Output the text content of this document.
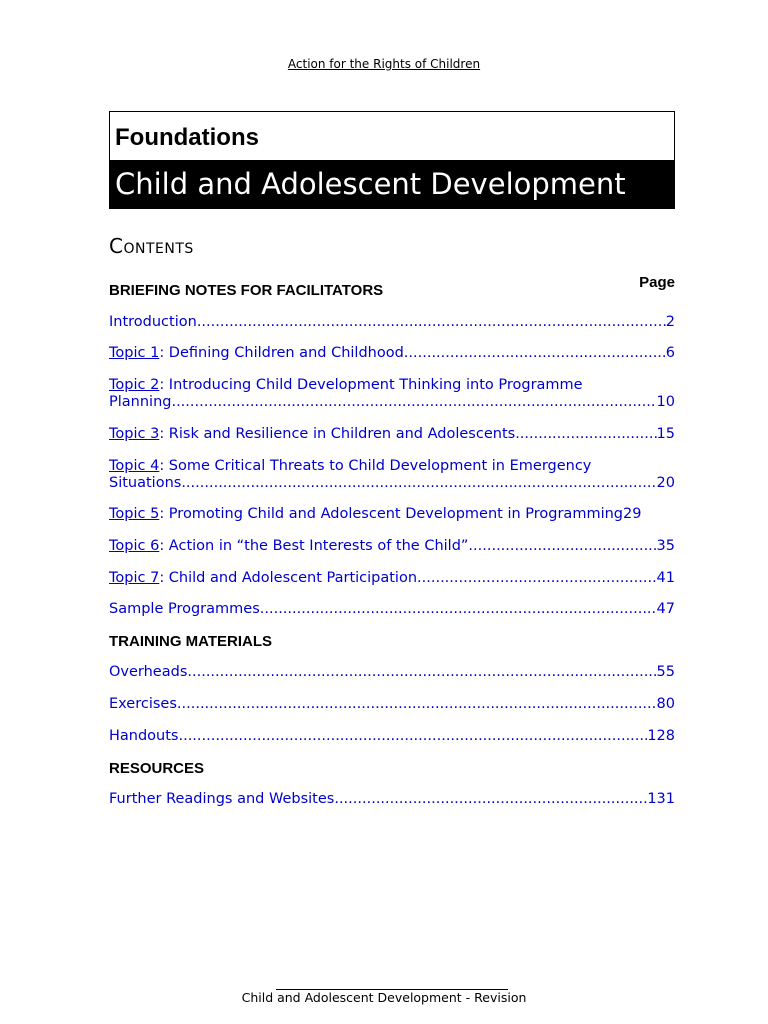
Action for the Rights of Children
Foundations
Child and Adolescent Development
Contents
Page
BRIEFING NOTES FOR FACILITATORS
Introduction .....	2
Topic 1 : Defining Children and Childhood .....	6
Topic 2 : Introducing Child Development Thinking into Programme
Planning .....	10
Topic 3 : Risk and Resilience in Children and Adolescents .....	15
Topic 4 : Some Critical Threats to Child Development in Emergency
Situations .....	20
Topic 5 : Promoting Child and Adolescent Development in Programming 29
Topic 6 : Action in “the Best Interests of the Child” .....	35
Topic 7 : Child and Adolescent Participation .....	41
Sample Programmes .....	47
TRAINING MATERIALS
Overheads .....	55
Exercises .....	80
Handouts .....	128
RESOURCES
Further Readings and Websites .....	131
Child and Adolescent Development - Revision
